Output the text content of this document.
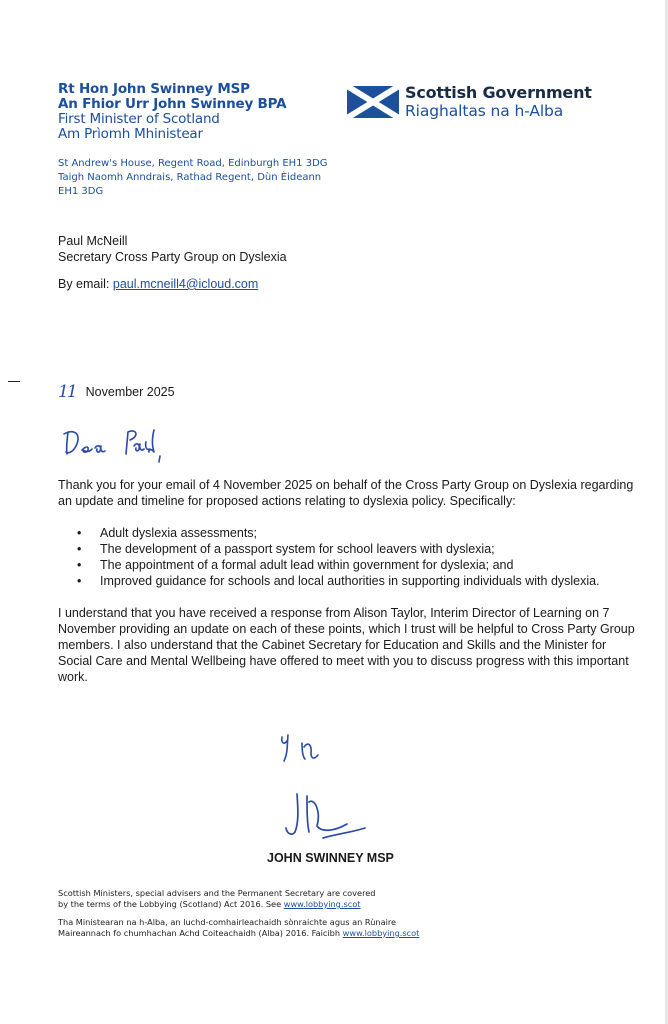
Rt Hon John Swinney MSP
An Fhior Urr John Swinney BPA
First Minister of Scotland
Am Prìomh Mhinistear
Scottish Government
Riaghaltas na h-Alba
St Andrew's House, Regent Road, Edinburgh EH1 3DG
Taigh Naomh Anndrais, Rathad Regent, Dùn Èideann
EH1 3DG
Paul McNeill
Secretary Cross Party Group on Dyslexia
By email: paul.mcneill4@icloud.com
11 November 2025

Thank you for your email of 4 November 2025 on behalf of the Cross Party Group on Dyslexia regarding an update and timeline for proposed actions relating to dyslexia policy. Specifically:

• Adult dyslexia assessments;
• The development of a passport system for school leavers with dyslexia;
• The appointment of a formal adult lead within government for dyslexia; and
• Improved guidance for schools and local authorities in supporting individuals with dyslexia.

I understand that you have received a response from Alison Taylor, Interim Director of Learning on 7 November providing an update on each of these points, which I trust will be helpful to Cross Party Group members. I also understand that the Cabinet Secretary for Education and Skills and the Minister for Social Care and Mental Wellbeing have offered to meet with you to discuss progress with this important work.

JOHN SWINNEY MSP
Scottish Ministers, special advisers and the Permanent Secretary are covered
by the terms of the Lobbying (Scotland) Act 2016. See www.lobbying.scot
Tha Ministearan na h-Alba, an luchd-comhairleachaidh sònraichte agus an Rùnaire
Maireannach fo chumhachan Achd Coiteachaidh (Alba) 2016. Faicibh www.lobbying.scot
